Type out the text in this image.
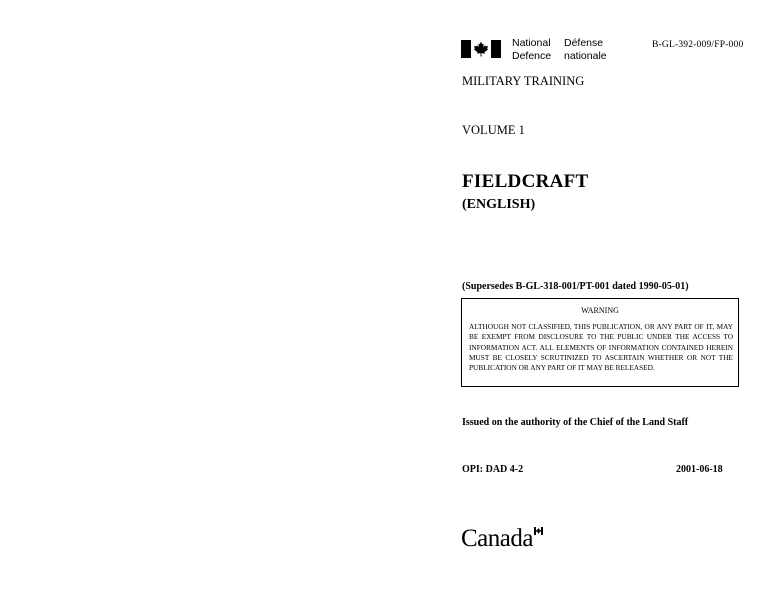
National
Defence
Défense
nationale
B-GL-392-009/FP-000
MILITARY TRAINING
VOLUME 1
FIELDCRAFT
(ENGLISH)
(Supersedes B-GL-318-001/PT-001 dated 1990-05-01)
WARNING
ALTHOUGH NOT CLASSIFIED, THIS PUBLICATION, OR ANY PART OF IT, MAY BE EXEMPT FROM DISCLOSURE TO THE PUBLIC UNDER THE ACCESS TO INFORMATION ACT. ALL ELEMENTS OF INFORMATION CONTAINED HEREIN MUST BE CLOSELY SCRUTINIZED TO ASCERTAIN WHETHER OR NOT THE PUBLICATION OR ANY PART OF IT MAY BE RELEASED.
Issued on the authority of the Chief of the Land Staff
OPI: DAD 4-2	2001-06-18
Canada
